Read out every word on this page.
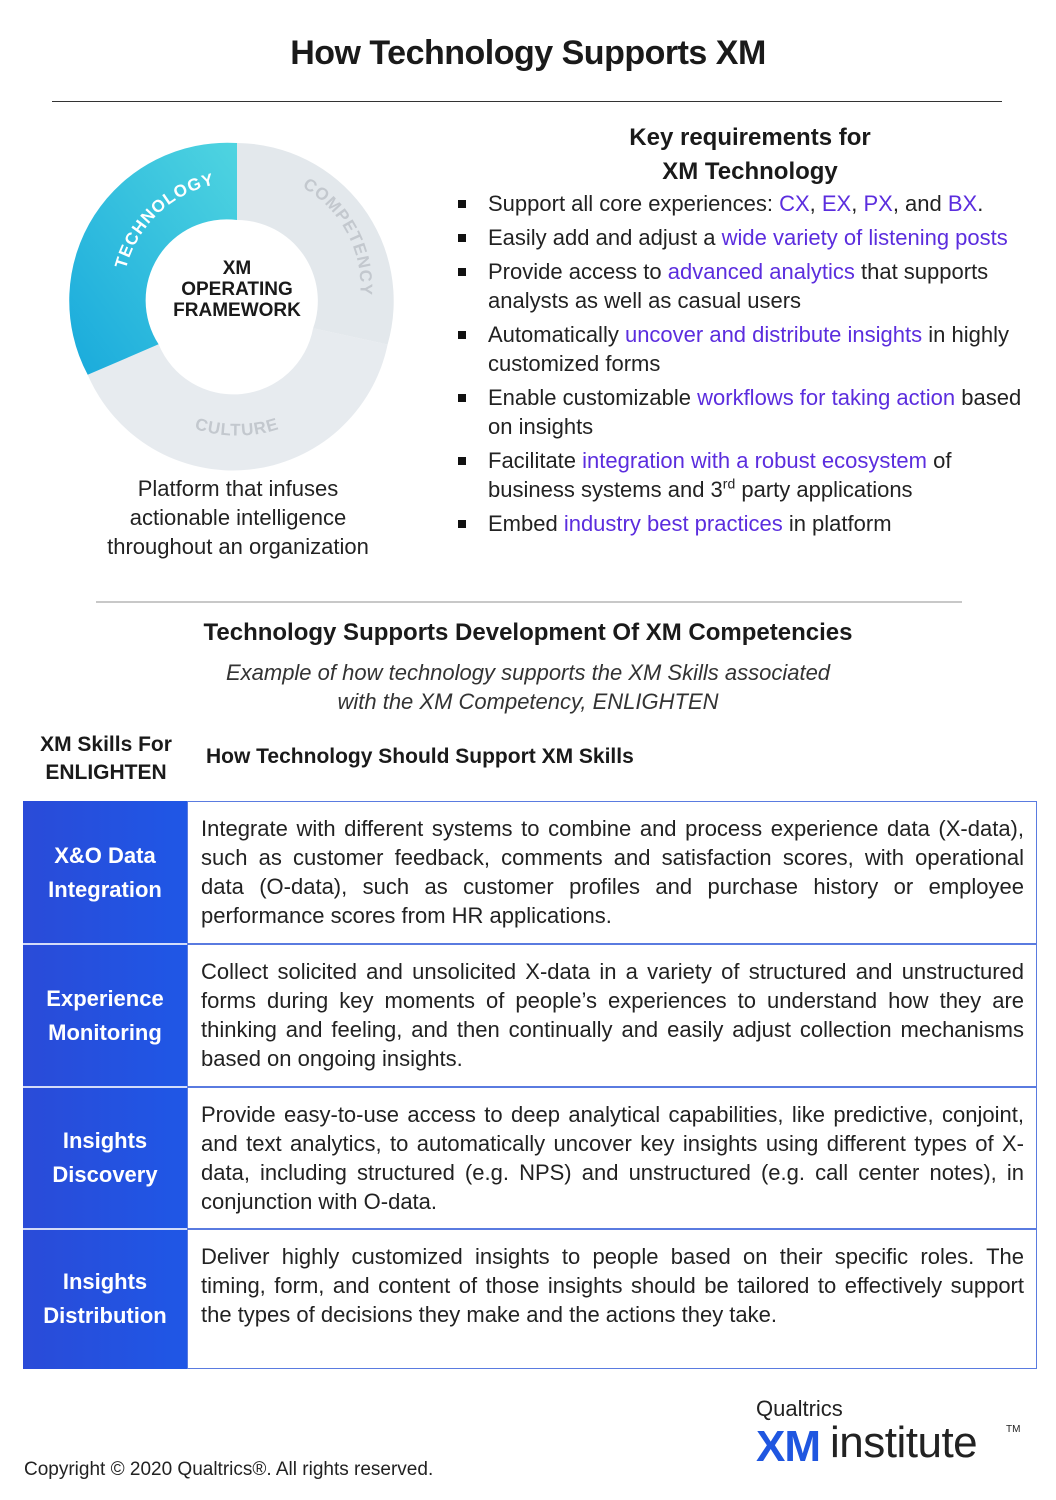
How Technology Supports XM
TECHNOLOGY	COMPETENCY
CULTURE
XM
OPERATING
FRAMEWORK
Platform that infuses
actionable intelligence
throughout an organization
Key requirements for
XM Technology
Support all core experiences: CX, EX, PX, and BX.
Easily add and adjust a wide variety of listening posts
Provide access to advanced analytics that supports analysts as well as casual users
Automatically uncover and distribute insights in highly customized forms
Enable customizable workflows for taking action based on insights
Facilitate integration with a robust ecosystem of business systems and 3rd party applications
Embed industry best practices in platform
Technology Supports Development Of XM Competencies
Example of how technology supports the XM Skills associated
with the XM Competency, ENLIGHTEN
XM Skills For
ENLIGHTEN
How Technology Should Support XM Skills
X&O Data
Integration
Integrate with different systems to combine and process experience data (X-data), such as customer feedback, comments and satisfaction scores, with operational data (O-data), such as customer profiles and purchase history or employee performance scores from HR applications.
Experience
Monitoring
Collect solicited and unsolicited X-data in a variety of structured and unstructured forms during key moments of people’s experiences to understand how they are thinking and feeling, and then continually and easily adjust collection mechanisms based on ongoing insights.
Insights
Discovery
Provide easy-to-use access to deep analytical capabilities, like predictive, conjoint, and text analytics, to automatically uncover key insights using different types of X-data, including structured (e.g. NPS) and unstructured (e.g. call center notes), in conjunction with O-data.
Insights
Distribution
Deliver highly customized insights to people based on their specific roles. The timing, form, and content of those insights should be tailored to effectively support the types of decisions they make and the actions they take.
Copyright © 2020 Qualtrics®. All rights reserved.
Qualtrics
XM institute	TM
